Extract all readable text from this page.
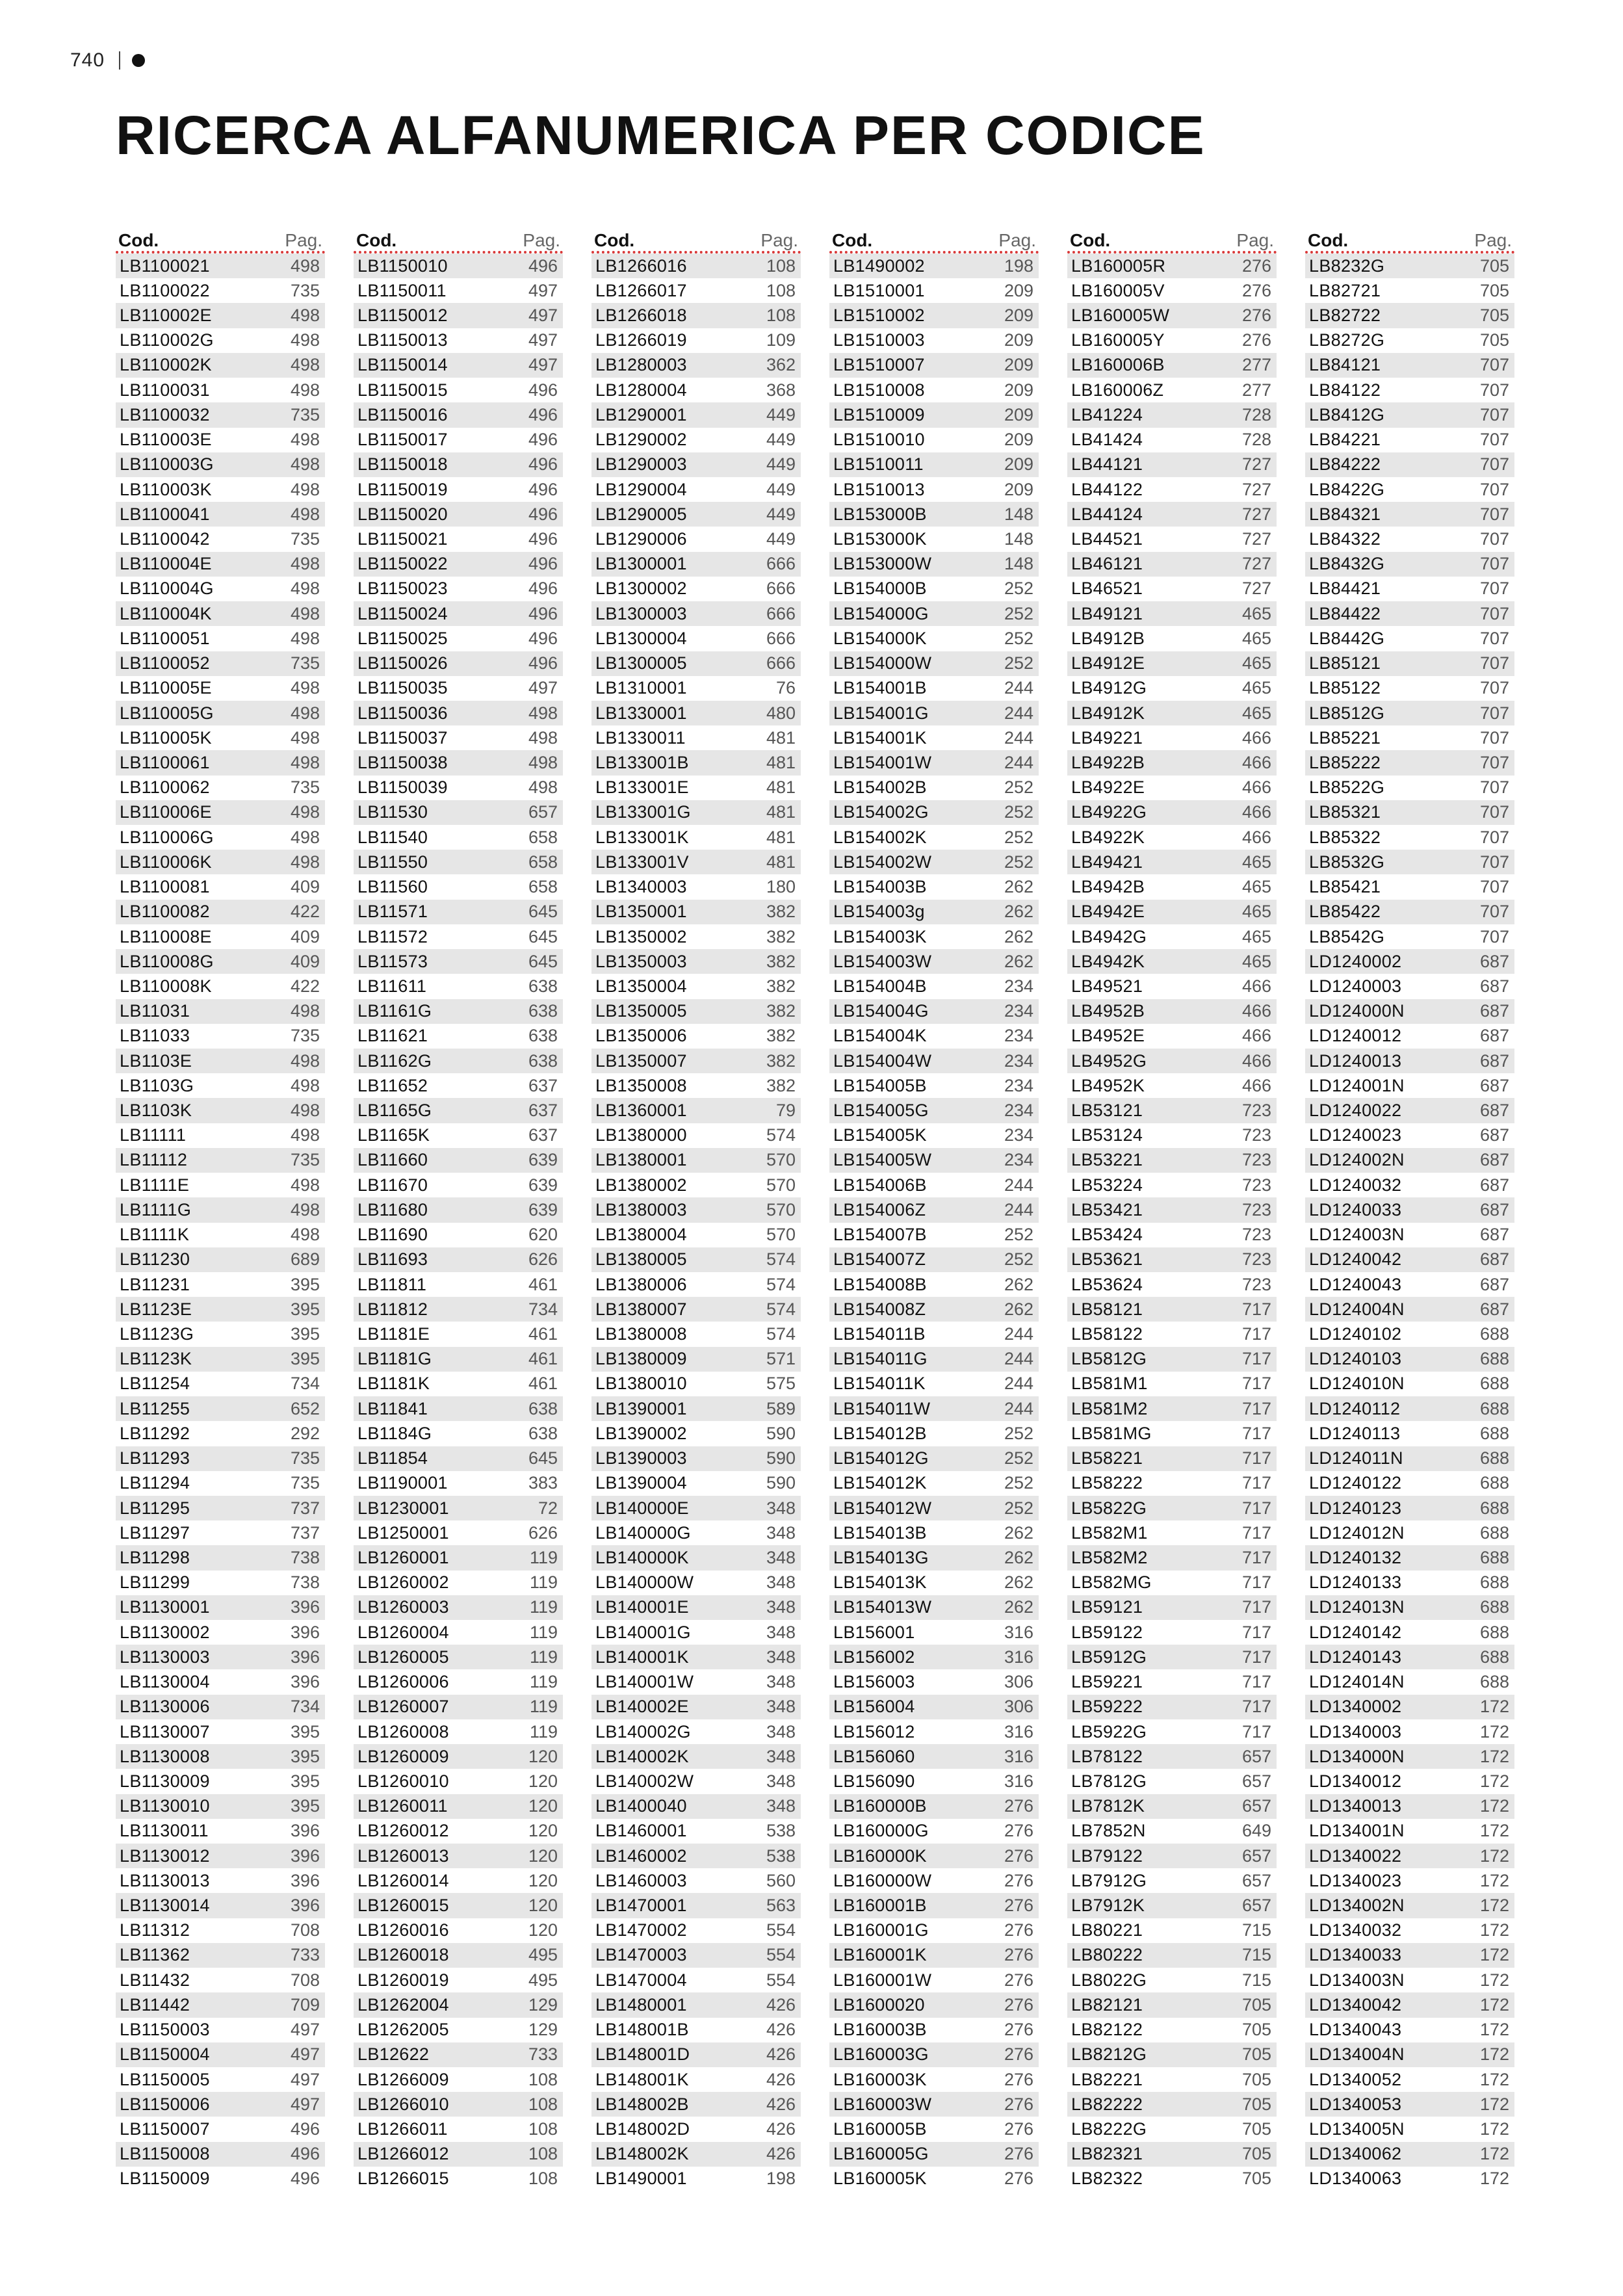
740
RICERCA ALFANUMERICA PER CODICE
Cod.	Pag.
LB1100021	498
LB1100022	735
LB110002E	498
LB110002G	498
LB110002K	498
LB1100031	498
LB1100032	735
LB110003E	498
LB110003G	498
LB110003K	498
LB1100041	498
LB1100042	735
LB110004E	498
LB110004G	498
LB110004K	498
LB1100051	498
LB1100052	735
LB110005E	498
LB110005G	498
LB110005K	498
LB1100061	498
LB1100062	735
LB110006E	498
LB110006G	498
LB110006K	498
LB1100081	409
LB1100082	422
LB110008E	409
LB110008G	409
LB110008K	422
LB11031	498
LB11033	735
LB1103E	498
LB1103G	498
LB1103K	498
LB11111	498
LB11112	735
LB1111E	498
LB1111G	498
LB1111K	498
LB11230	689
LB11231	395
LB1123E	395
LB1123G	395
LB1123K	395
LB11254	734
LB11255	652
LB11292	292
LB11293	735
LB11294	735
LB11295	737
LB11297	737
LB11298	738
LB11299	738
LB1130001	396
LB1130002	396
LB1130003	396
LB1130004	396
LB1130006	734
LB1130007	395
LB1130008	395
LB1130009	395
LB1130010	395
LB1130011	396
LB1130012	396
LB1130013	396
LB1130014	396
LB11312	708
LB11362	733
LB11432	708
LB11442	709
LB1150003	497
LB1150004	497
LB1150005	497
LB1150006	497
LB1150007	496
LB1150008	496
LB1150009	496
Cod.	Pag.
LB1150010	496
LB1150011	497
LB1150012	497
LB1150013	497
LB1150014	497
LB1150015	496
LB1150016	496
LB1150017	496
LB1150018	496
LB1150019	496
LB1150020	496
LB1150021	496
LB1150022	496
LB1150023	496
LB1150024	496
LB1150025	496
LB1150026	496
LB1150035	497
LB1150036	498
LB1150037	498
LB1150038	498
LB1150039	498
LB11530	657
LB11540	658
LB11550	658
LB11560	658
LB11571	645
LB11572	645
LB11573	645
LB11611	638
LB1161G	638
LB11621	638
LB1162G	638
LB11652	637
LB1165G	637
LB1165K	637
LB11660	639
LB11670	639
LB11680	639
LB11690	620
LB11693	626
LB11811	461
LB11812	734
LB1181E	461
LB1181G	461
LB1181K	461
LB11841	638
LB1184G	638
LB11854	645
LB1190001	383
LB1230001	72
LB1250001	626
LB1260001	119
LB1260002	119
LB1260003	119
LB1260004	119
LB1260005	119
LB1260006	119
LB1260007	119
LB1260008	119
LB1260009	120
LB1260010	120
LB1260011	120
LB1260012	120
LB1260013	120
LB1260014	120
LB1260015	120
LB1260016	120
LB1260018	495
LB1260019	495
LB1262004	129
LB1262005	129
LB12622	733
LB1266009	108
LB1266010	108
LB1266011	108
LB1266012	108
LB1266015	108
Cod.	Pag.
LB1266016	108
LB1266017	108
LB1266018	108
LB1266019	109
LB1280003	362
LB1280004	368
LB1290001	449
LB1290002	449
LB1290003	449
LB1290004	449
LB1290005	449
LB1290006	449
LB1300001	666
LB1300002	666
LB1300003	666
LB1300004	666
LB1300005	666
LB1310001	76
LB1330001	480
LB1330011	481
LB133001B	481
LB133001E	481
LB133001G	481
LB133001K	481
LB133001V	481
LB1340003	180
LB1350001	382
LB1350002	382
LB1350003	382
LB1350004	382
LB1350005	382
LB1350006	382
LB1350007	382
LB1350008	382
LB1360001	79
LB1380000	574
LB1380001	570
LB1380002	570
LB1380003	570
LB1380004	570
LB1380005	574
LB1380006	574
LB1380007	574
LB1380008	574
LB1380009	571
LB1380010	575
LB1390001	589
LB1390002	590
LB1390003	590
LB1390004	590
LB140000E	348
LB140000G	348
LB140000K	348
LB140000W	348
LB140001E	348
LB140001G	348
LB140001K	348
LB140001W	348
LB140002E	348
LB140002G	348
LB140002K	348
LB140002W	348
LB1400040	348
LB1460001	538
LB1460002	538
LB1460003	560
LB1470001	563
LB1470002	554
LB1470003	554
LB1470004	554
LB1480001	426
LB148001B	426
LB148001D	426
LB148001K	426
LB148002B	426
LB148002D	426
LB148002K	426
LB1490001	198
Cod.	Pag.
LB1490002	198
LB1510001	209
LB1510002	209
LB1510003	209
LB1510007	209
LB1510008	209
LB1510009	209
LB1510010	209
LB1510011	209
LB1510013	209
LB153000B	148
LB153000K	148
LB153000W	148
LB154000B	252
LB154000G	252
LB154000K	252
LB154000W	252
LB154001B	244
LB154001G	244
LB154001K	244
LB154001W	244
LB154002B	252
LB154002G	252
LB154002K	252
LB154002W	252
LB154003B	262
LB154003g	262
LB154003K	262
LB154003W	262
LB154004B	234
LB154004G	234
LB154004K	234
LB154004W	234
LB154005B	234
LB154005G	234
LB154005K	234
LB154005W	234
LB154006B	244
LB154006Z	244
LB154007B	252
LB154007Z	252
LB154008B	262
LB154008Z	262
LB154011B	244
LB154011G	244
LB154011K	244
LB154011W	244
LB154012B	252
LB154012G	252
LB154012K	252
LB154012W	252
LB154013B	262
LB154013G	262
LB154013K	262
LB154013W	262
LB156001	316
LB156002	316
LB156003	306
LB156004	306
LB156012	316
LB156060	316
LB156090	316
LB160000B	276
LB160000G	276
LB160000K	276
LB160000W	276
LB160001B	276
LB160001G	276
LB160001K	276
LB160001W	276
LB1600020	276
LB160003B	276
LB160003G	276
LB160003K	276
LB160003W	276
LB160005B	276
LB160005G	276
LB160005K	276
Cod.	Pag.
LB160005R	276
LB160005V	276
LB160005W	276
LB160005Y	276
LB160006B	277
LB160006Z	277
LB41224	728
LB41424	728
LB44121	727
LB44122	727
LB44124	727
LB44521	727
LB46121	727
LB46521	727
LB49121	465
LB4912B	465
LB4912E	465
LB4912G	465
LB4912K	465
LB49221	466
LB4922B	466
LB4922E	466
LB4922G	466
LB4922K	466
LB49421	465
LB4942B	465
LB4942E	465
LB4942G	465
LB4942K	465
LB49521	466
LB4952B	466
LB4952E	466
LB4952G	466
LB4952K	466
LB53121	723
LB53124	723
LB53221	723
LB53224	723
LB53421	723
LB53424	723
LB53621	723
LB53624	723
LB58121	717
LB58122	717
LB5812G	717
LB581M1	717
LB581M2	717
LB581MG	717
LB58221	717
LB58222	717
LB5822G	717
LB582M1	717
LB582M2	717
LB582MG	717
LB59121	717
LB59122	717
LB5912G	717
LB59221	717
LB59222	717
LB5922G	717
LB78122	657
LB7812G	657
LB7812K	657
LB7852N	649
LB79122	657
LB7912G	657
LB7912K	657
LB80221	715
LB80222	715
LB8022G	715
LB82121	705
LB82122	705
LB8212G	705
LB82221	705
LB82222	705
LB8222G	705
LB82321	705
LB82322	705
Cod.	Pag.
LB8232G	705
LB82721	705
LB82722	705
LB8272G	705
LB84121	707
LB84122	707
LB8412G	707
LB84221	707
LB84222	707
LB8422G	707
LB84321	707
LB84322	707
LB8432G	707
LB84421	707
LB84422	707
LB8442G	707
LB85121	707
LB85122	707
LB8512G	707
LB85221	707
LB85222	707
LB8522G	707
LB85321	707
LB85322	707
LB8532G	707
LB85421	707
LB85422	707
LB8542G	707
LD1240002	687
LD1240003	687
LD124000N	687
LD1240012	687
LD1240013	687
LD124001N	687
LD1240022	687
LD1240023	687
LD124002N	687
LD1240032	687
LD1240033	687
LD124003N	687
LD1240042	687
LD1240043	687
LD124004N	687
LD1240102	688
LD1240103	688
LD124010N	688
LD1240112	688
LD1240113	688
LD124011N	688
LD1240122	688
LD1240123	688
LD124012N	688
LD1240132	688
LD1240133	688
LD124013N	688
LD1240142	688
LD1240143	688
LD124014N	688
LD1340002	172
LD1340003	172
LD134000N	172
LD1340012	172
LD1340013	172
LD134001N	172
LD1340022	172
LD1340023	172
LD134002N	172
LD1340032	172
LD1340033	172
LD134003N	172
LD1340042	172
LD1340043	172
LD134004N	172
LD1340052	172
LD1340053	172
LD134005N	172
LD1340062	172
LD1340063	172
